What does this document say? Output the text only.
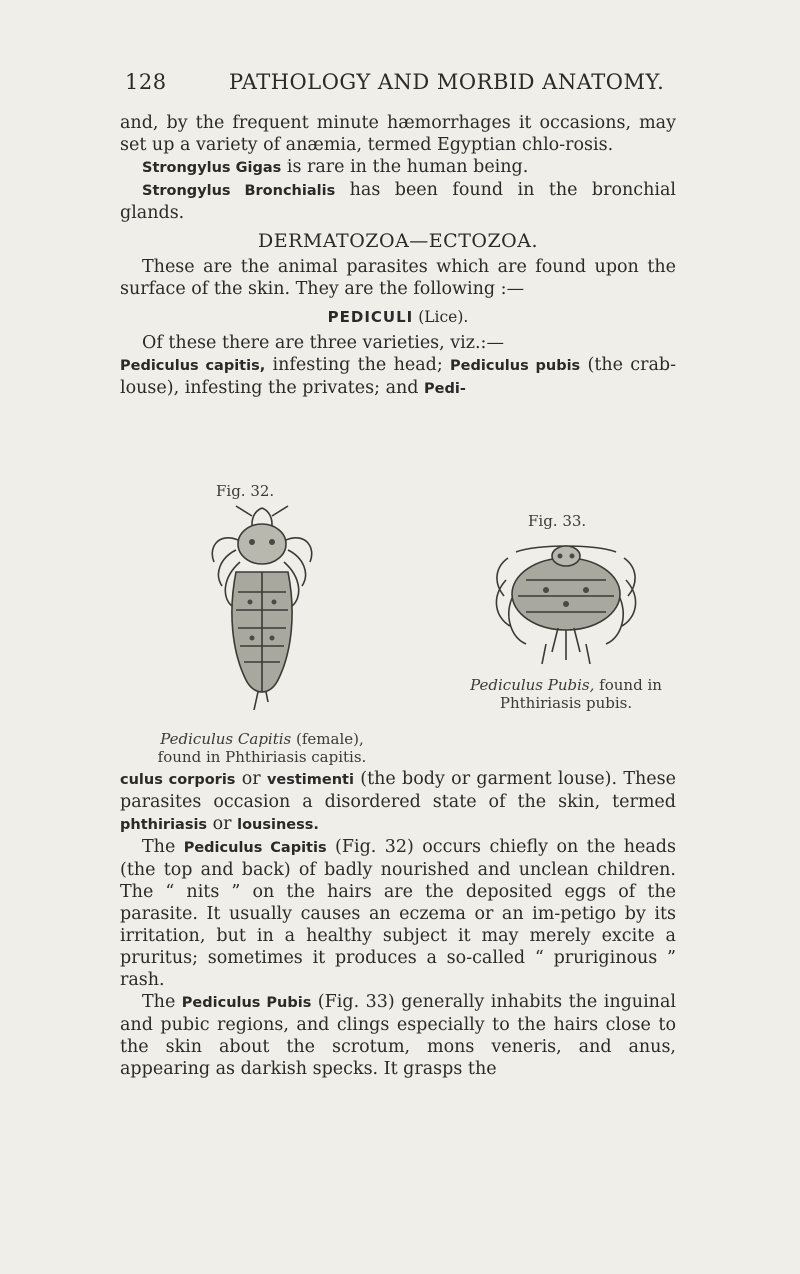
128	PATHOLOGY AND MORBID ANATOMY.

and, by the frequent minute hæmorrhages it occasions, may set up a variety of anæmia, termed Egyptian chlo-rosis.

Strongylus Gigas is rare in the human being.

Strongylus Bronchialis has been found in the bronchial glands.

DERMATOZOA—ECTOZOA.

These are the animal parasites which are found upon the surface of the skin. They are the following :—

PEDICULI (Lice).

Of these there are three varieties, viz.:—

Pediculus capitis, infesting the head; Pediculus pubis (the crab-louse), infesting the privates; and Pedi-

Fig. 32.
Pediculus Capitis (female),
found in Phthiriasis capitis.
Fig. 33.
Pediculus Pubis, found in
Phthiriasis pubis.

culus corporis or vestimenti (the body or garment louse). These parasites occasion a disordered state of the skin, termed phthiriasis or lousiness.

The Pediculus Capitis (Fig. 32) occurs chiefly on the heads (the top and back) of badly nourished and unclean children. The “ nits ” on the hairs are the deposited eggs of the parasite. It usually causes an eczema or an im-petigo by its irritation, but in a healthy subject it may merely excite a pruritus; sometimes it produces a so-called “ pruriginous ” rash.

The Pediculus Pubis (Fig. 33) generally inhabits the inguinal and pubic regions, and clings especially to the hairs close to the skin about the scrotum, mons veneris, and anus, appearing as darkish specks. It grasps the
